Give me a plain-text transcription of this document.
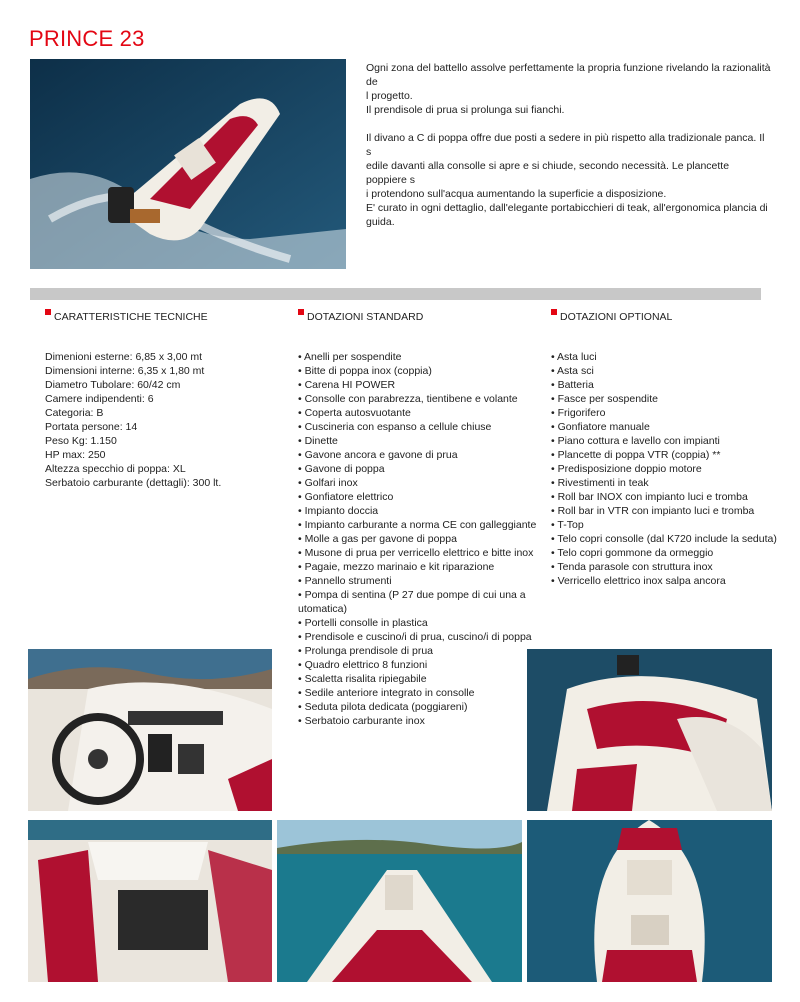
PRINCE 23

Ogni zona del battello assolve perfettamente la propria funzione rivelando la razionalità de
l progetto.
Il prendisole di prua si prolunga sui fianchi.

Il divano a C di poppa offre due posti a sedere in più rispetto alla tradizionale panca. Il s
edile davanti alla consolle si apre e si chiude, secondo necessità. Le plancette poppiere s
i protendono sull'acqua aumentando la superficie a disposizione.
E' curato in ogni dettaglio, dall'elegante portabicchieri di teak, all'ergonomica plancia di
guida.

CARATTERISTICHE TECNICHE	DOTAZIONI STANDARD	DOTAZIONI OPTIONAL
Dimenioni esterne: 6,85 x 3,00 mt
Dimensioni interne: 6,35 x 1,80 mt
Diametro Tubolare: 60/42 cm
Camere indipendenti: 6
Categoria: B
Portata persone: 14
Peso Kg: 1.150
HP max: 250
Altezza specchio di poppa: XL
Serbatoio carburante (dettagli): 300 lt.
• Anelli per sospendite
• Bitte di poppa inox (coppia)
• Carena HI POWER
• Consolle con parabrezza, tientibene e volante
• Coperta autosvuotante
• Cuscineria con espanso a cellule chiuse
• Dinette
• Gavone ancora e gavone di prua
• Gavone di poppa
• Golfari inox
• Gonfiatore elettrico
• Impianto doccia
• Impianto carburante a norma CE con galleggiante
• Molle a gas per gavone di poppa
• Musone di prua per verricello elettrico e bitte inox
• Pagaie, mezzo marinaio e kit riparazione
• Pannello strumenti
• Pompa di sentina (P 27 due pompe di cui una a
utomatica)
• Portelli consolle in plastica
• Prendisole e cuscino/i di prua, cuscino/i di poppa
• Prolunga prendisole di prua
• Quadro elettrico 8 funzioni
• Scaletta risalita ripiegabile
• Sedile anteriore integrato in consolle
• Seduta pilota dedicata (poggiareni)
• Serbatoio carburante inox
• Asta luci
• Asta sci
• Batteria
• Fasce per sospendite
• Frigorifero
• Gonfiatore manuale
• Piano cottura e lavello con impianti
• Plancette di poppa VTR (coppia) **
• Predisposizione doppio motore
• Rivestimenti in teak
• Roll bar INOX con impianto luci e tromba
• Roll bar in VTR con impianto luci e tromba
• T-Top
• Telo copri consolle (dal K720 include la seduta)
• Telo copri gommone da ormeggio
• Tenda parasole con struttura inox
• Verricello elettrico inox salpa ancora
